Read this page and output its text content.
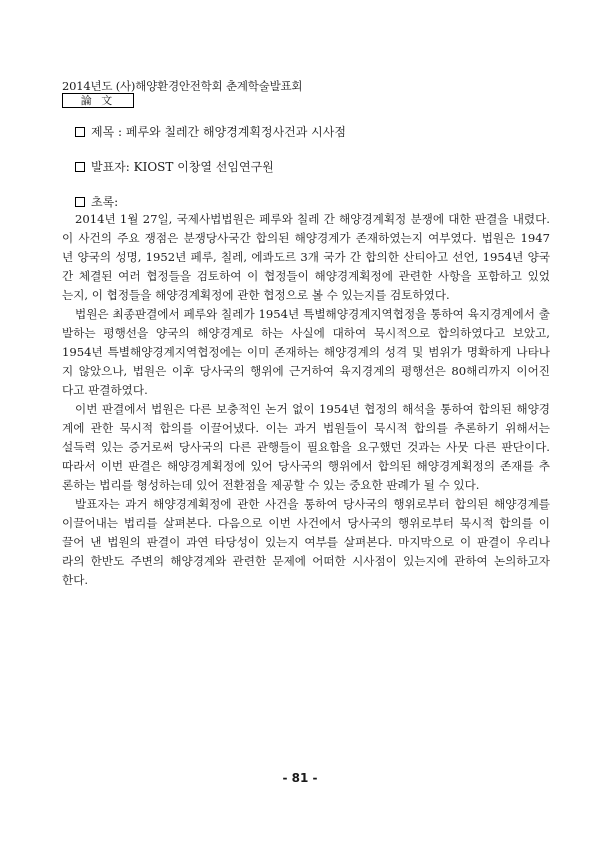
2014년도 (사)해양환경안전학회 춘계학술발표회
論 文
제목 : 페루와 칠레간 해양경계획정사건과 시사점
발표자: KIOST 이창열 선임연구원
초록:
2014년 1월 27일, 국제사법법원은 페루와 칠레 간 해양경계획정 분쟁에 대한 판결을 내렸다.
이 사건의 주요 쟁점은 분쟁당사국간 합의된 해양경계가 존재하였는지 여부였다. 법원은 1947
년 양국의 성명, 1952년 페루, 칠레, 에콰도르 3개 국가 간 합의한 산티아고 선언, 1954년 양국
간 체결된 여러 협정들을 검토하여 이 협정들이 해양경계획정에 관련한 사항을 포함하고 있었
는지, 이 협정들을 해양경계획정에 관한 협정으로 볼 수 있는지를 검토하였다.
법원은 최종판결에서 페루와 칠레가 1954년 특별해양경계지역협정을 통하여 육지경계에서 출
발하는 평행선을 양국의 해양경계로 하는 사실에 대하여 묵시적으로 합의하였다고 보았고,
1954년 특별해양경계지역협정에는 이미 존재하는 해양경계의 성격 및 범위가 명확하게 나타나
지 않았으나, 법원은 이후 당사국의 행위에 근거하여 육지경계의 평행선은 80해리까지 이어진
다고 판결하였다.
이번 판결에서 법원은 다른 보충적인 논거 없이 1954년 협정의 해석을 통하여 합의된 해양경
계에 관한 묵시적 합의를 이끌어냈다. 이는 과거 법원들이 묵시적 합의를 추론하기 위해서는
설득력 있는 증거로써 당사국의 다른 관행들이 필요함을 요구했던 것과는 사뭇 다른 판단이다.
따라서 이번 판결은 해양경계획정에 있어 당사국의 행위에서 합의된 해양경계획정의 존재를 추
론하는 법리를 형성하는데 있어 전환점을 제공할 수 있는 중요한 판례가 될 수 있다.
발표자는 과거 해양경계획정에 관한 사건을 통하여 당사국의 행위로부터 합의된 해양경계를
이끌어내는 법리를 살펴본다. 다음으로 이번 사건에서 당사국의 행위로부터 묵시적 합의를 이
끌어 낸 법원의 판결이 과연 타당성이 있는지 여부를 살펴본다. 마지막으로 이 판결이 우리나
라의 한반도 주변의 해양경계와 관련한 문제에 어떠한 시사점이 있는지에 관하여 논의하고자
한다.
- 81 -
